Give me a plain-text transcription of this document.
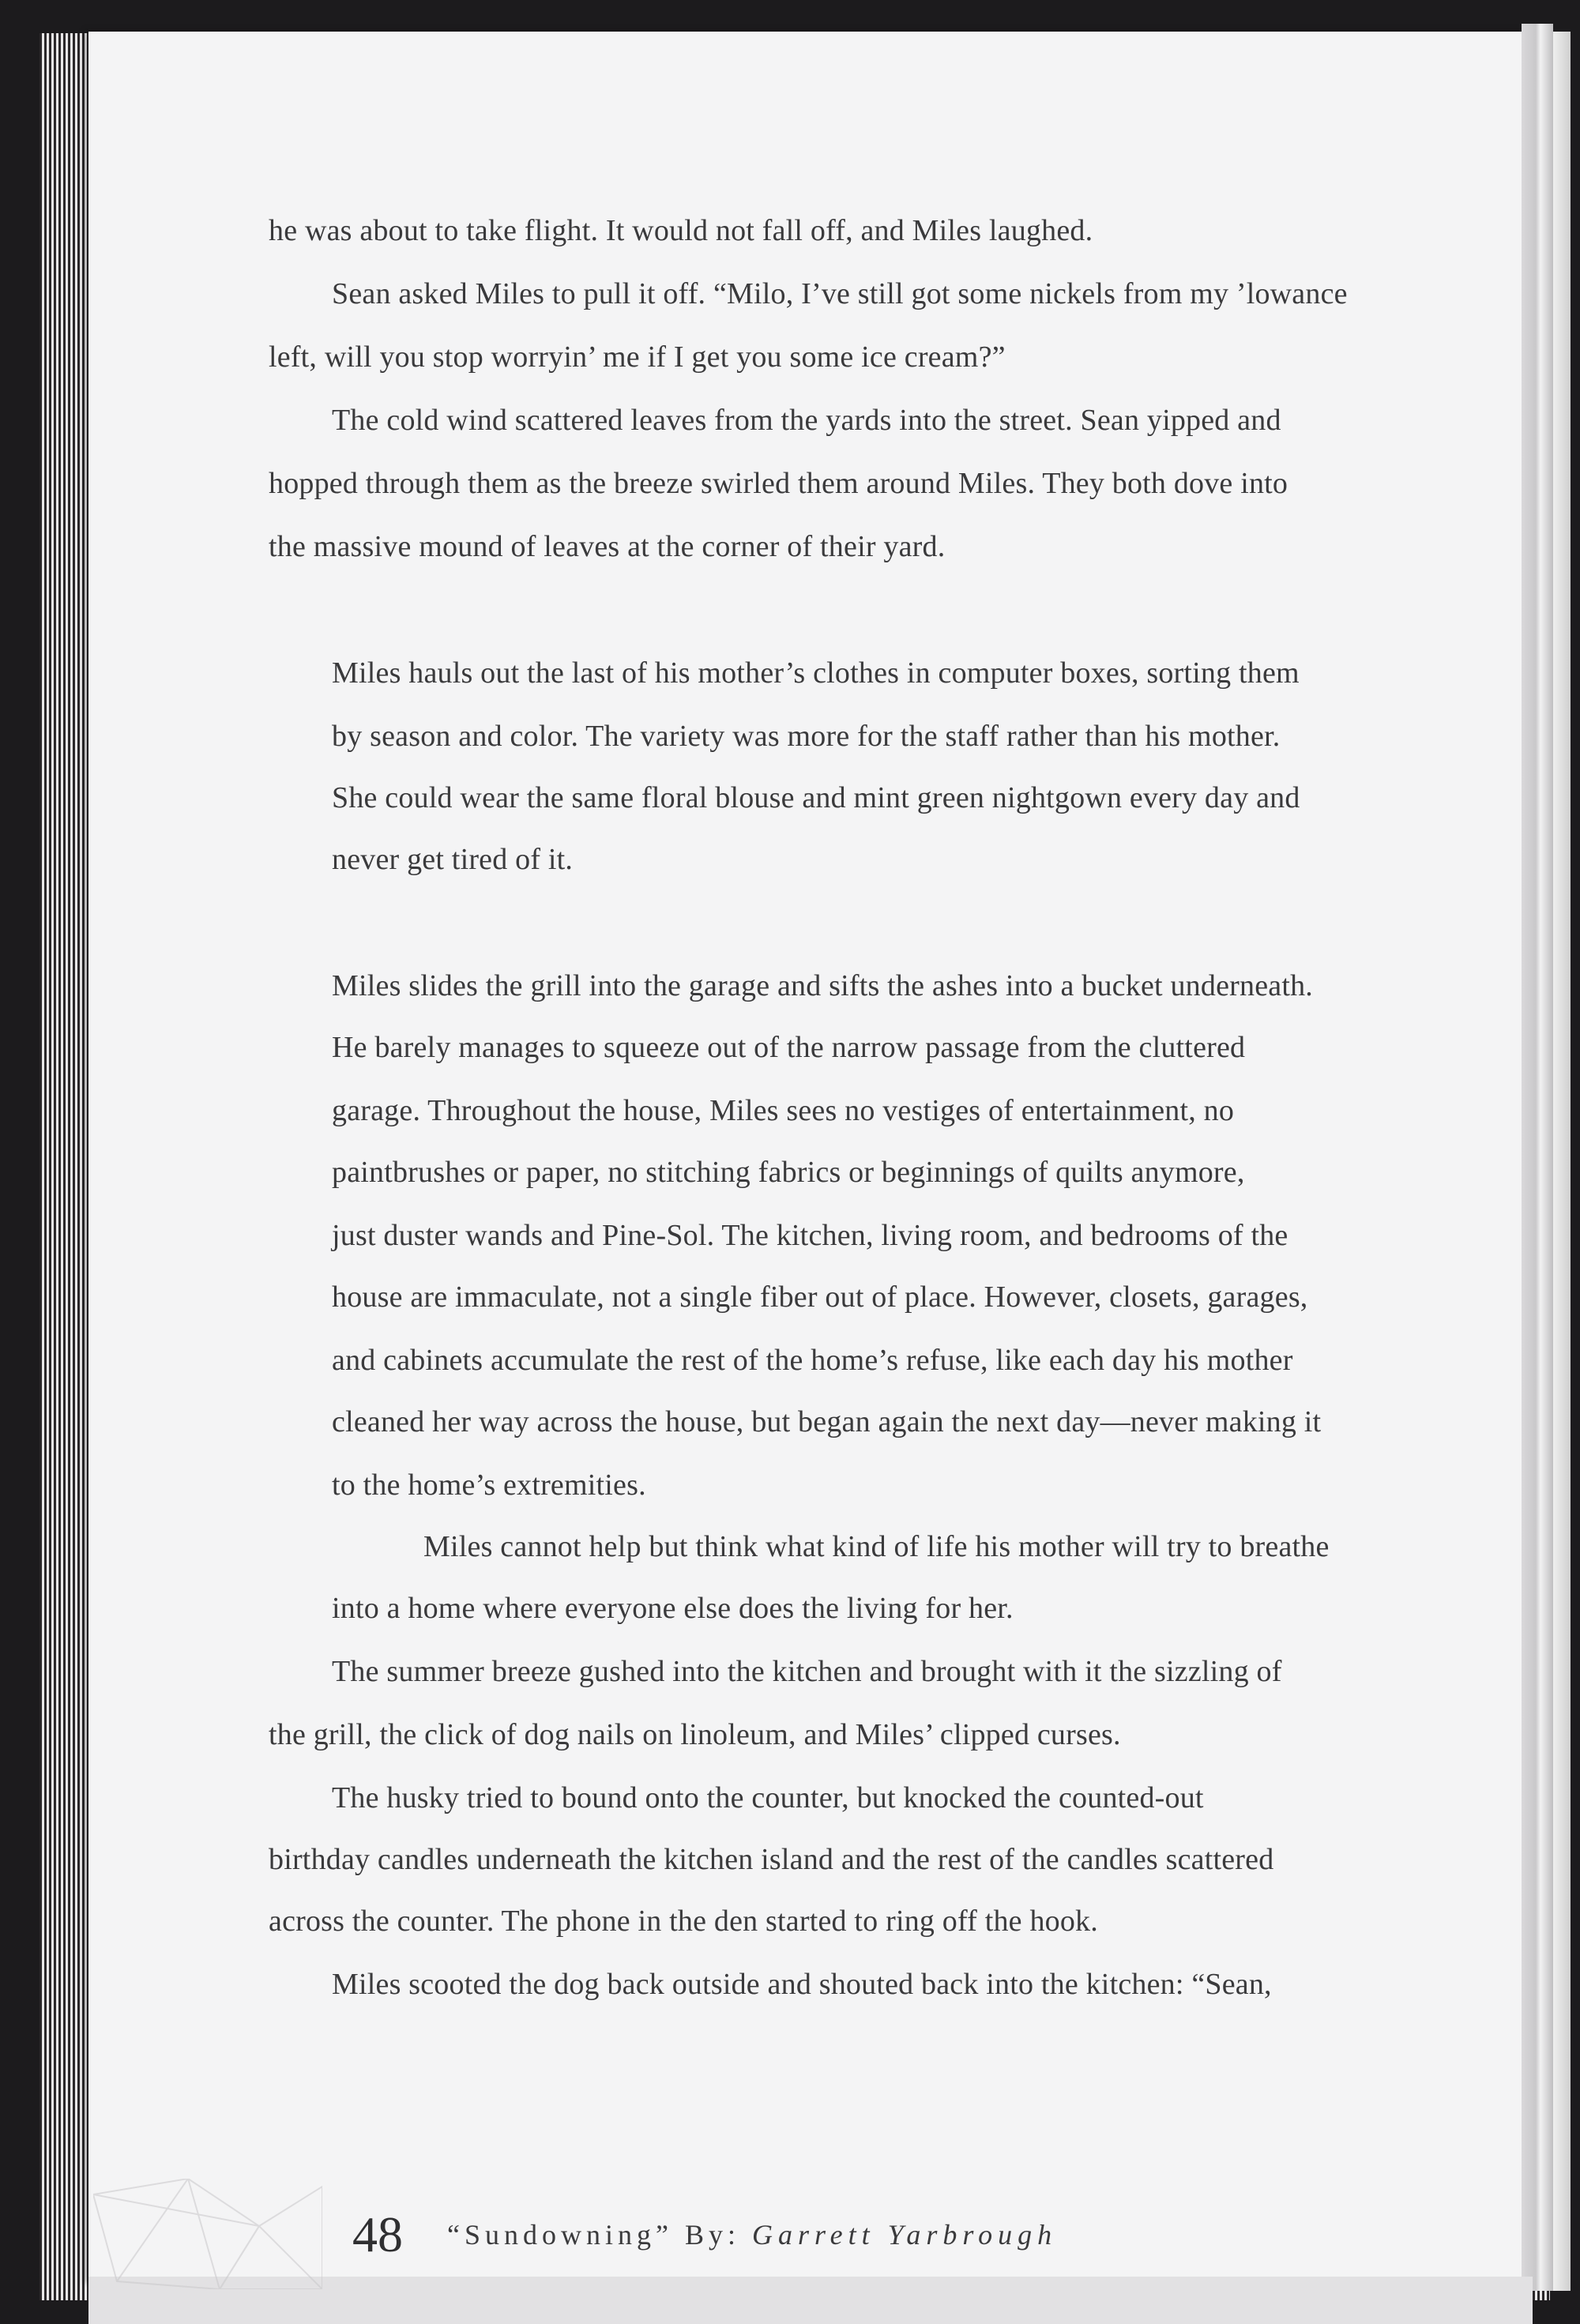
he was about to take flight. It would not fall off, and Miles laughed.
Sean asked Miles to pull it off. “Milo, I’ve still got some nickels from my ’lowance
left, will you stop worryin’ me if I get you some ice cream?”
The cold wind scattered leaves from the yards into the street. Sean yipped and
hopped through them as the breeze swirled them around Miles. They both dove into
the massive mound of leaves at the corner of their yard.
Miles hauls out the last of his mother’s clothes in computer boxes, sorting them
by season and color. The variety was more for the staff rather than his mother.
She could wear the same floral blouse and mint green nightgown every day and
never get tired of it.
Miles slides the grill into the garage and sifts the ashes into a bucket underneath.
He barely manages to squeeze out of the narrow passage from the cluttered
garage. Throughout the house, Miles sees no vestiges of entertainment, no
paintbrushes or paper, no stitching fabrics or beginnings of quilts anymore,
just duster wands and Pine-Sol. The kitchen, living room, and bedrooms of the
house are immaculate, not a single fiber out of place. However, closets, garages,
and cabinets accumulate the rest of the home’s refuse, like each day his mother
cleaned her way across the house, but began again the next day—never making it
to the home’s extremities.
Miles cannot help but think what kind of life his mother will try to breathe
into a home where everyone else does the living for her.
The summer breeze gushed into the kitchen and brought with it the sizzling of
the grill, the click of dog nails on linoleum, and Miles’ clipped curses.
The husky tried to bound onto the counter, but knocked the counted-out
birthday candles underneath the kitchen island and the rest of the candles scattered
across the counter. The phone in the den started to ring off the hook.
Miles scooted the dog back outside and shouted back into the kitchen: “Sean,
48 “Sundowning” By: Garrett Yarbrough
